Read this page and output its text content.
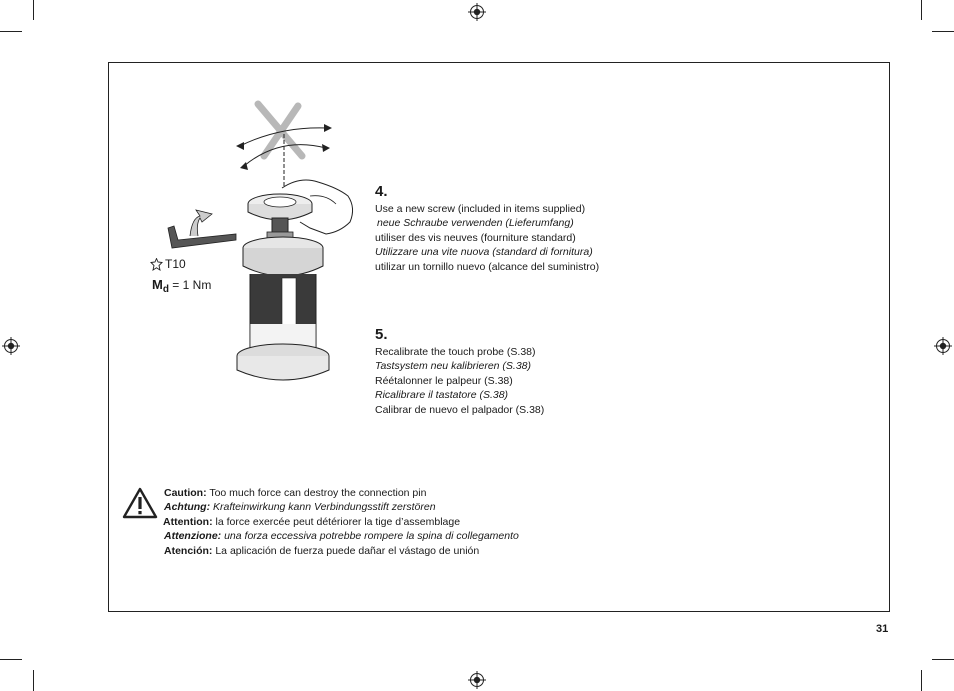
T10
$M_d = 1$ Nm
4.
Use a new screw (included in items supplied)
neue Schraube verwenden (Lieferumfang)
utiliser des vis neuves (fourniture standard)
Utilizzare una vite nuova (standard di fornitura)
utilizar un tornillo nuevo (alcance del suministro)
5.
Recalibrate the touch probe (S.38)
Tastsystem neu kalibrieren (S.38)
Réétalonner le palpeur (S.38)
Ricalibrare il tastatore (S.38)
Calibrar de nuevo el palpador (S.38)
Caution: Too much force can destroy the connection pin
Achtung: Krafteinwirkung kann Verbindungsstift zerstören
Attention: la force exercée peut détériorer la tige d’assemblage
Attenzione: una forza eccessiva potrebbe rompere la spina di collegamento
Atención: La aplicación de fuerza puede dañar el vástago de unión
31
